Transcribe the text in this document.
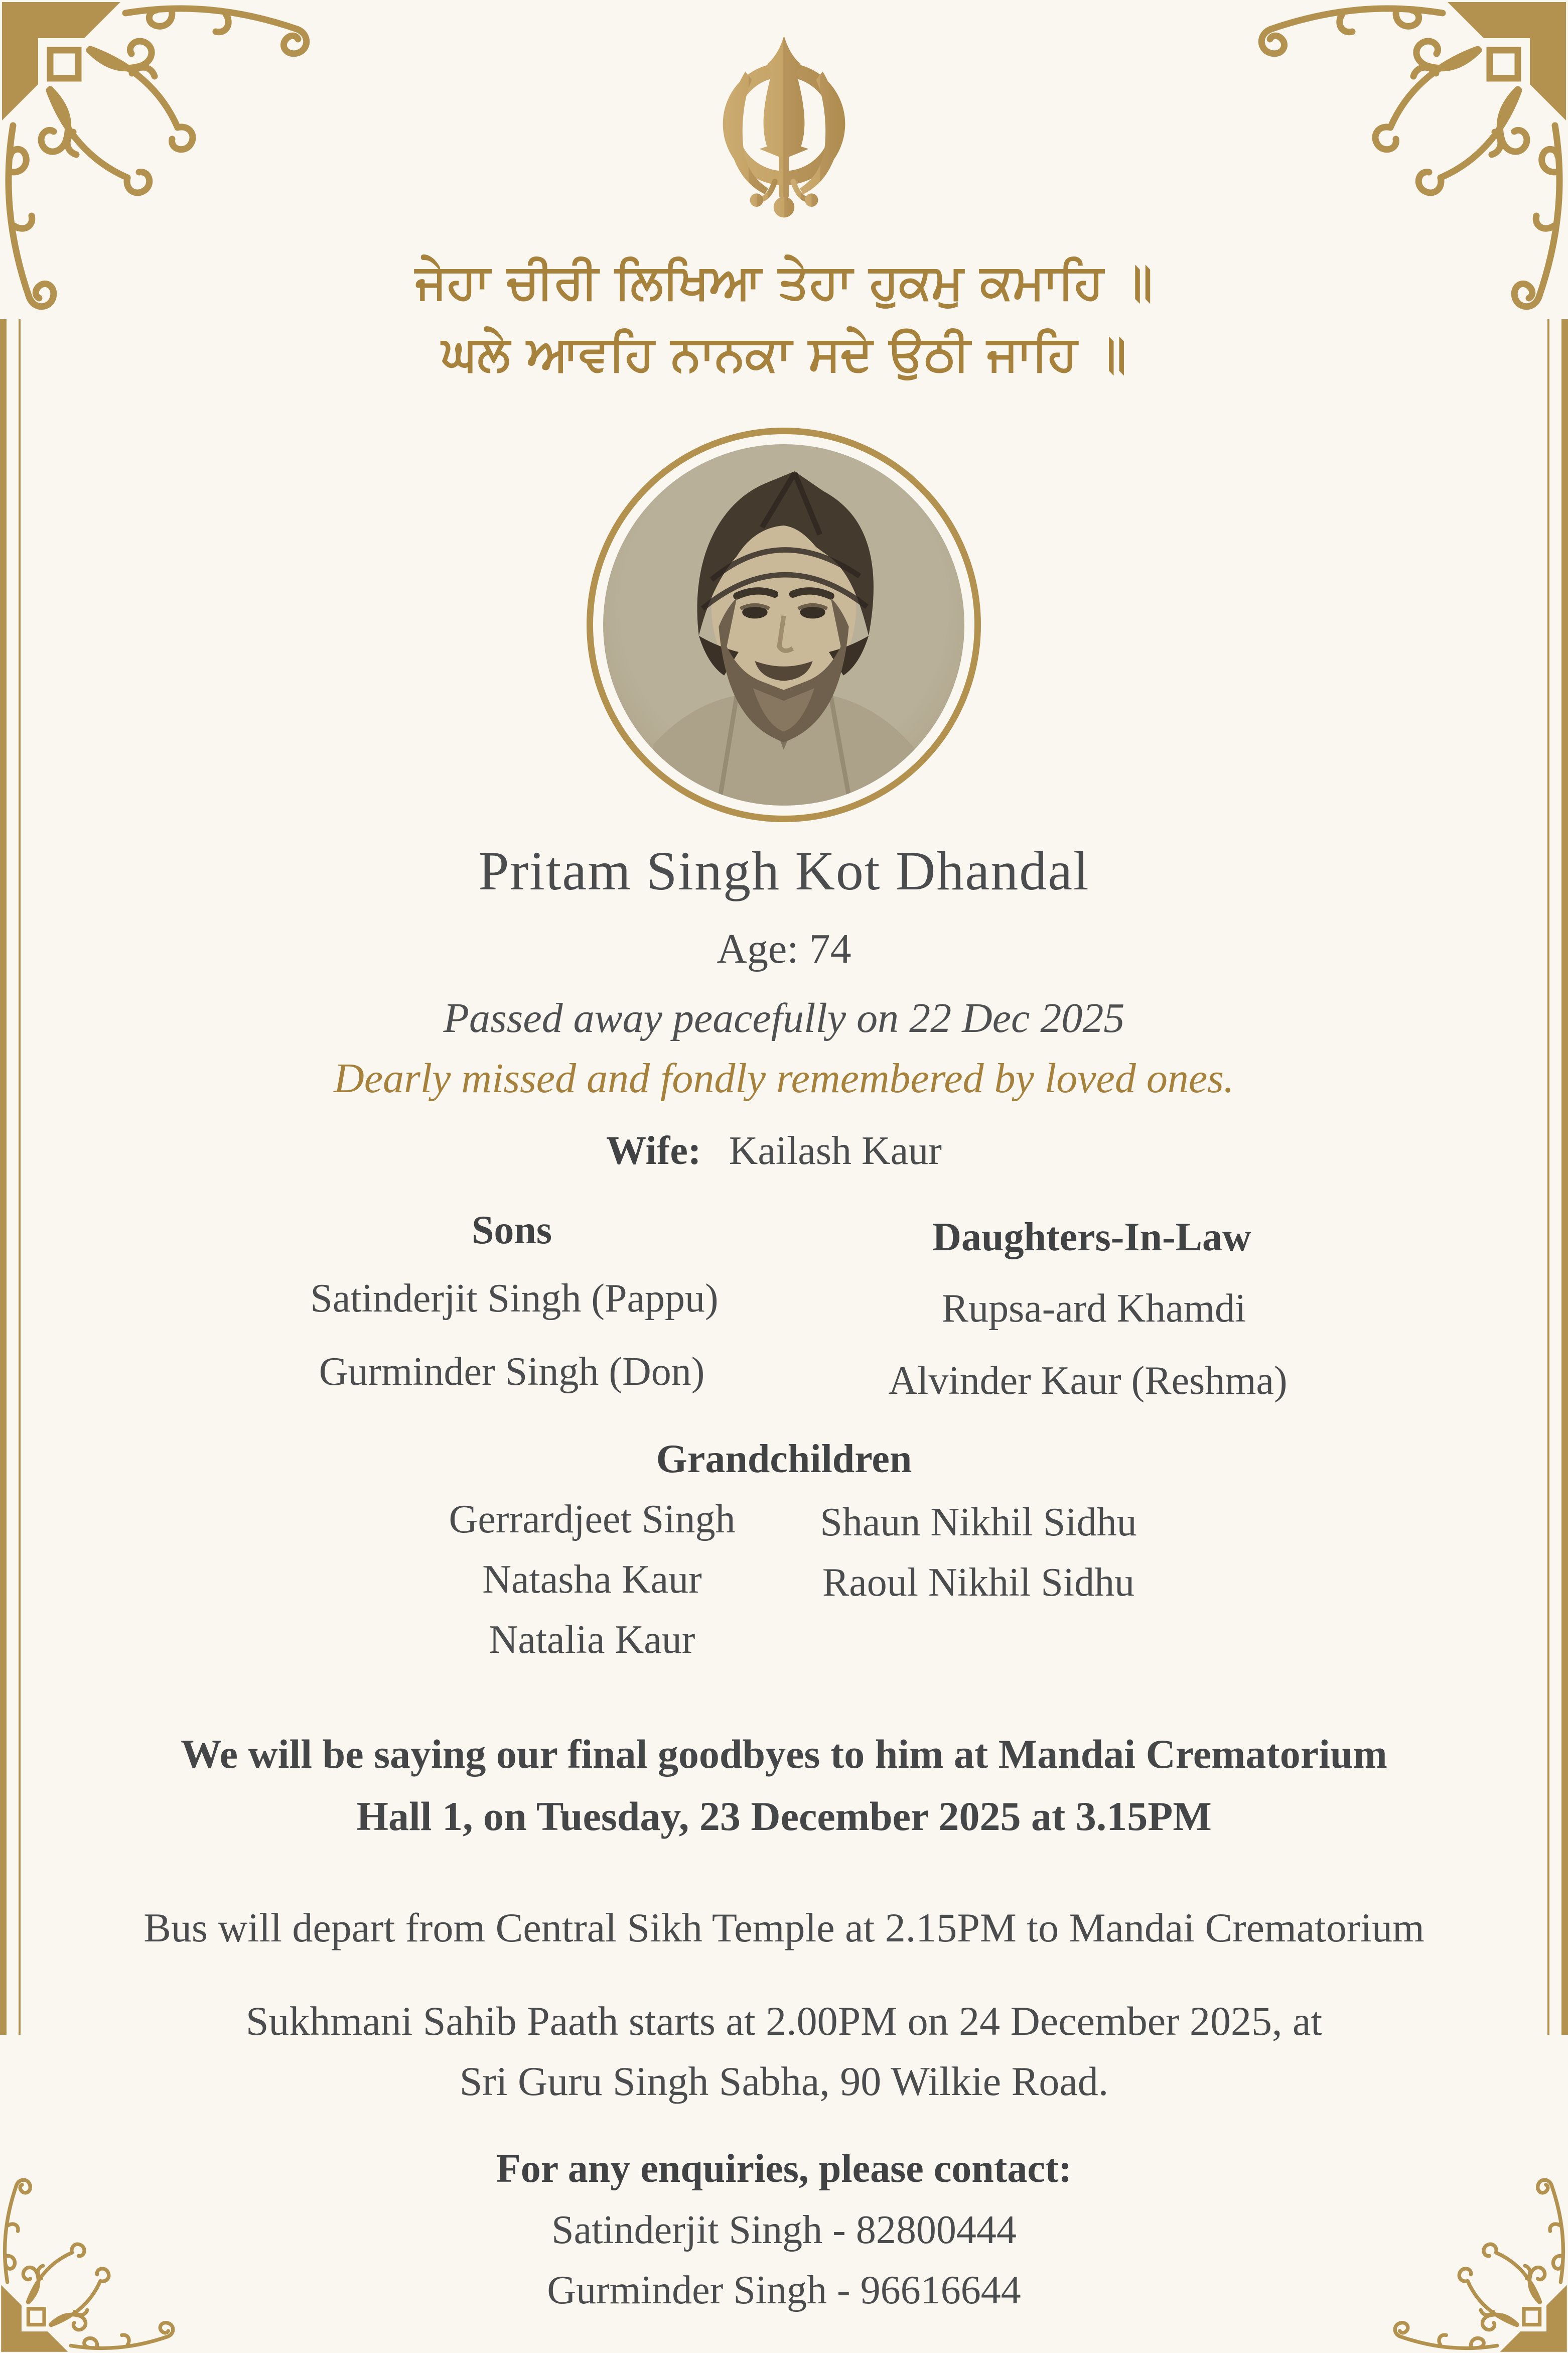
ਜੇਹਾ ਚੀਰੀ ਲਿਖਿਆ ਤੇਹਾ ਹੁਕਮੁ ਕਮਾਹਿ ॥
ਘਲੇ ਆਵਹਿ ਨਾਨਕਾ ਸਦੇ ਉਠੀ ਜਾਹਿ ॥
Pritam Singh Kot Dhandal
Age: 74
Passed away peacefully on 22 Dec 2025
Dearly missed and fondly remembered by loved ones.
Wife: Kailash Kaur
Sons
Satinderjit Singh (Pappu)
Gurminder Singh (Don)
Daughters-In-Law
Rupsa-ard Khamdi
Alvinder Kaur (Reshma)
Grandchildren
Gerrardjeet Singh
Natasha Kaur
Natalia Kaur
Shaun Nikhil Sidhu
Raoul Nikhil Sidhu
We will be saying our final goodbyes to him at Mandai Crematorium
Hall 1, on Tuesday, 23 December 2025 at 3.15PM
Bus will depart from Central Sikh Temple at 2.15PM to Mandai Crematorium
Sukhmani Sahib Paath starts at 2.00PM on 24 December 2025, at
Sri Guru Singh Sabha, 90 Wilkie Road.
For any enquiries, please contact:
Satinderjit Singh - 82800444
Gurminder Singh - 96616644
